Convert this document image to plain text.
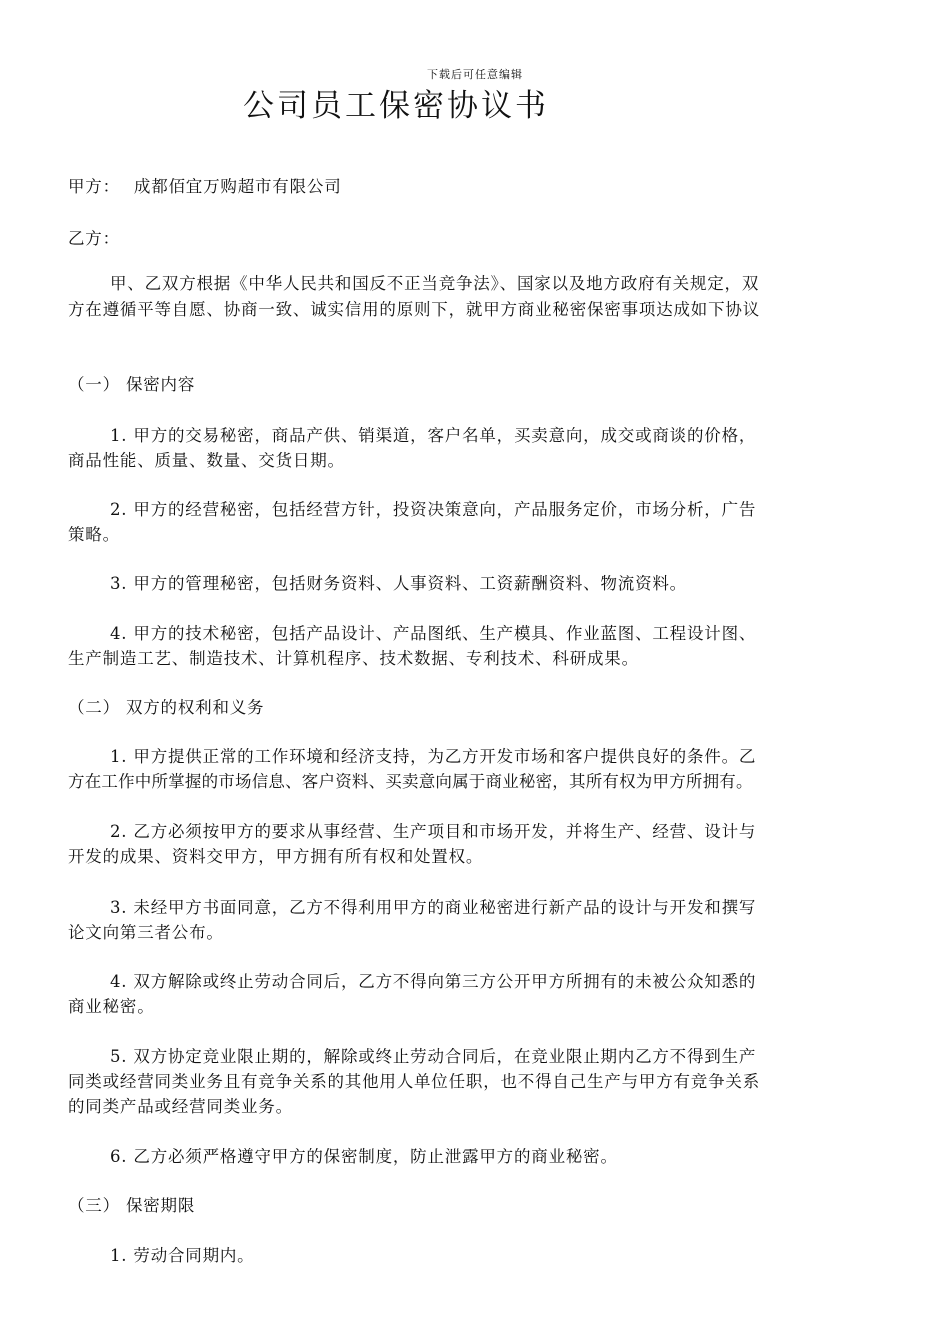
下载后可任意编辑
公司员工保密协议书
甲方： 成都佰宜万购超市有限公司
乙方：
甲、乙双方根据《中华人民共和国反不正当竞争法》、国家以及地方政府有关规定，双
方在遵循平等自愿、协商一致、诚实信用的原则下，就甲方商业秘密保密事项达成如下协议
（一） 保密内容
1. 甲方的交易秘密，商品产供、销渠道，客户名单，买卖意向，成交或商谈的价格，
商品性能、质量、数量、交货日期。
2. 甲方的经营秘密，包括经营方针，投资决策意向，产品服务定价，市场分析，广告
策略。
3. 甲方的管理秘密，包括财务资料、人事资料、工资薪酬资料、物流资料。
4. 甲方的技术秘密，包括产品设计、产品图纸、生产模具、作业蓝图、工程设计图、
生产制造工艺、制造技术、计算机程序、技术数据、专利技术、科研成果。
（二） 双方的权利和义务
1. 甲方提供正常的工作环境和经济支持，为乙方开发市场和客户提供良好的条件。乙
方在工作中所掌握的市场信息、客户资料、买卖意向属于商业秘密，其所有权为甲方所拥有。
2. 乙方必须按甲方的要求从事经营、生产项目和市场开发，并将生产、经营、设计与
开发的成果、资料交甲方，甲方拥有所有权和处置权。
3. 未经甲方书面同意，乙方不得利用甲方的商业秘密进行新产品的设计与开发和撰写
论文向第三者公布。
4. 双方解除或终止劳动合同后，乙方不得向第三方公开甲方所拥有的未被公众知悉的
商业秘密。
5. 双方协定竞业限止期的，解除或终止劳动合同后，在竞业限止期内乙方不得到生产
同类或经营同类业务且有竞争关系的其他用人单位任职，也不得自己生产与甲方有竞争关系
的同类产品或经营同类业务。
6. 乙方必须严格遵守甲方的保密制度，防止泄露甲方的商业秘密。
（三） 保密期限
1. 劳动合同期内。
